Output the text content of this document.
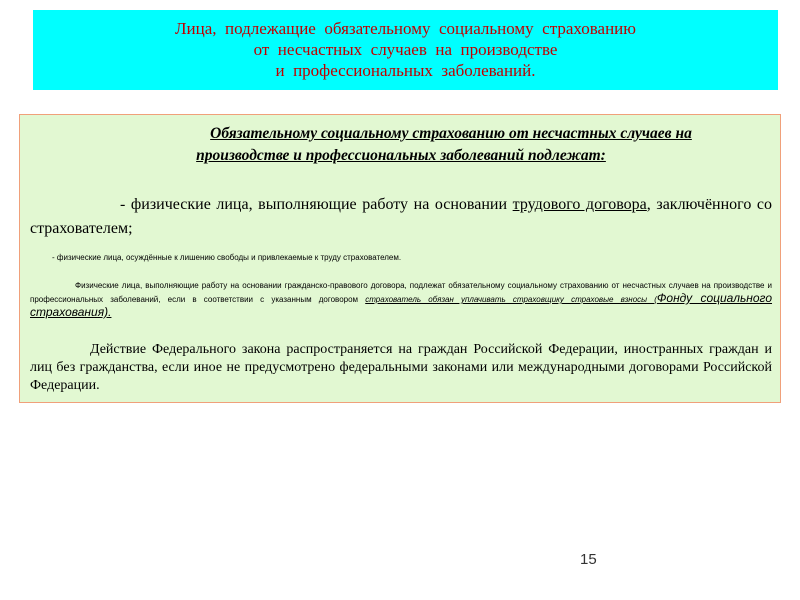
Лица,  подлежащие  обязательному  социальному  страхованию
от  несчастных  случаев  на  производстве
и  профессиональных  заболеваний.
Обязательному социальному страхованию от несчастных случаев на
производстве и профессиональных заболеваний подлежат:
- физические лица, выполняющие работу на основании трудового договора, заключённого со страхователем;
- физические лица, осуждённые к лишению свободы и привлекаемые к труду страхователем.
Физические лица, выполняющие работу на основании гражданско-правового договора, подлежат обязательному социальному страхованию от несчастных случаев на производстве и профессиональных заболеваний, если в соответствии с указанным договором страхователь обязан уплачивать страховщику страховые взносы (Фонду социального страхования).
Действие Федерального закона распространяется на граждан Российской Федерации, иностранных граждан и лиц без гражданства, если иное не предусмотрено федеральными законами или международными договорами Российской Федерации.
15
